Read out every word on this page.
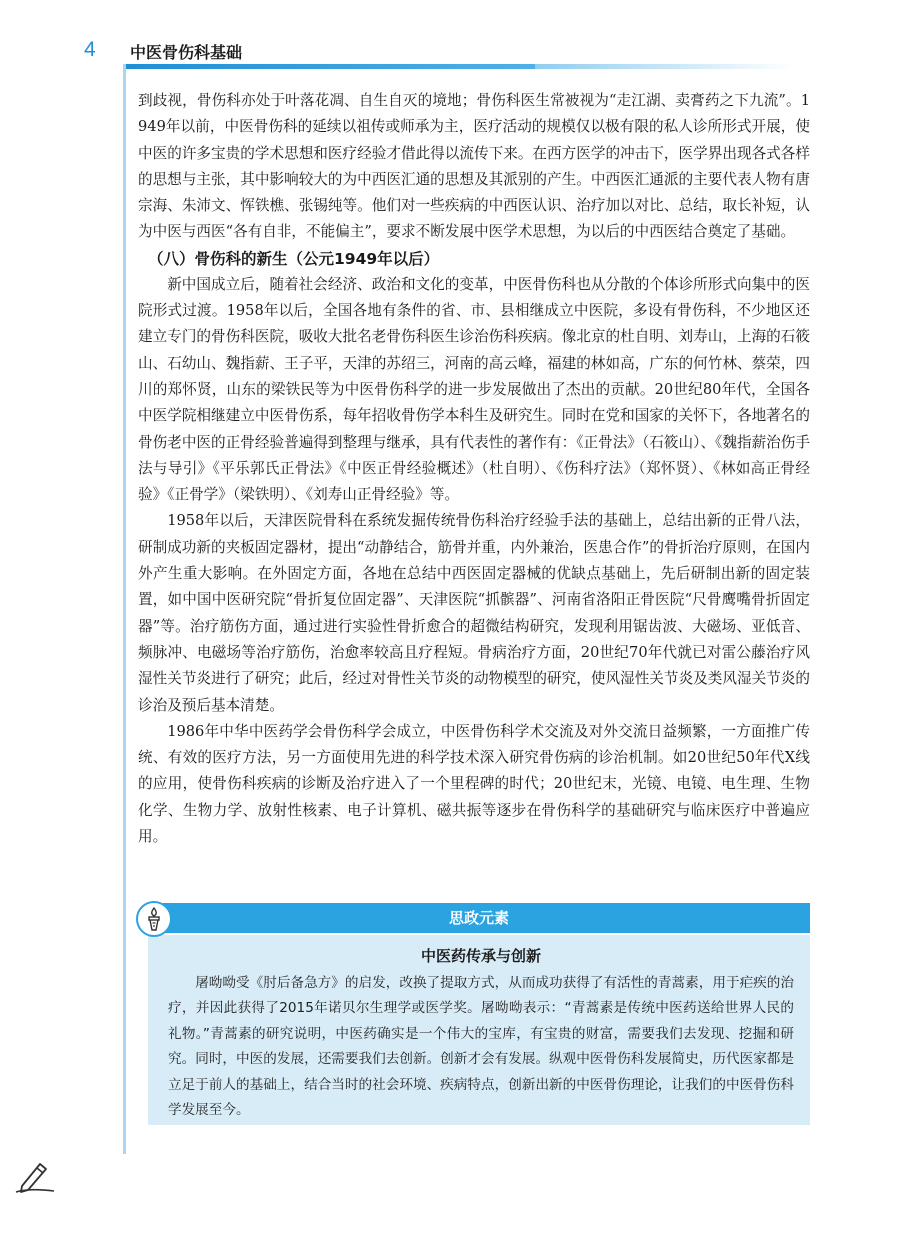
4 中医骨伤科基础

到歧视，骨伤科亦处于叶落花凋、自生自灭的境地；骨伤科医生常被视为“走江湖、卖膏药之下九流”。1949年以前，中医骨伤科的延续以祖传或师承为主，医疗活动的规模仅以极有限的私人诊所形式开展，使中医的许多宝贵的学术思想和医疗经验才借此得以流传下来。在西方医学的冲击下，医学界出现各式各样的思想与主张，其中影响较大的为中西医汇通的思想及其派别的产生。中西医汇通派的主要代表人物有唐宗海、朱沛文、恽铁樵、张锡纯等。他们对一些疾病的中西医认识、治疗加以对比、总结，取长补短，认为中医与西医“各有自非，不能偏主”，要求不断发展中医学术思想，为以后的中西医结合奠定了基础。

（八）骨伤科的新生（公元1949年以后）

新中国成立后，随着社会经济、政治和文化的变革，中医骨伤科也从分散的个体诊所形式向集中的医院形式过渡。1958年以后，全国各地有条件的省、市、县相继成立中医院，多设有骨伤科，不少地区还建立专门的骨伤科医院，吸收大批名老骨伤科医生诊治伤科疾病。像北京的杜自明、刘寿山，上海的石筱山、石幼山、魏指薪、王子平，天津的苏绍三，河南的高云峰，福建的林如高，广东的何竹林、蔡荣，四川的郑怀贤，山东的梁铁民等为中医骨伤科学的进一步发展做出了杰出的贡献。20世纪80年代，全国各中医学院相继建立中医骨伤系，每年招收骨伤学本科生及研究生。同时在党和国家的关怀下，各地著名的骨伤老中医的正骨经验普遍得到整理与继承，具有代表性的著作有：《正骨法》（石筱山）、《魏指薪治伤手法与导引》《平乐郭氏正骨法》《中医正骨经验概述》（杜自明）、《伤科疗法》（郑怀贤）、《林如高正骨经验》《正骨学》（梁铁明）、《刘寿山正骨经验》等。

1958年以后，天津医院骨科在系统发掘传统骨伤科治疗经验手法的基础上，总结出新的正骨八法，研制成功新的夹板固定器材，提出“动静结合，筋骨并重，内外兼治，医患合作”的骨折治疗原则，在国内外产生重大影响。在外固定方面，各地在总结中西医固定器械的优缺点基础上，先后研制出新的固定装置，如中国中医研究院“骨折复位固定器”、天津医院“抓髌器”、河南省洛阳正骨医院“尺骨鹰嘴骨折固定器”等。治疗筋伤方面，通过进行实验性骨折愈合的超微结构研究，发现利用锯齿波、大磁场、亚低音、频脉冲、电磁场等治疗筋伤，治愈率较高且疗程短。骨病治疗方面，20世纪70年代就已对雷公藤治疗风湿性关节炎进行了研究；此后，经过对骨性关节炎的动物模型的研究，使风湿性关节炎及类风湿关节炎的诊治及预后基本清楚。

1986年中华中医药学会骨伤科学会成立，中医骨伤科学术交流及对外交流日益频繁，一方面推广传统、有效的医疗方法，另一方面使用先进的科学技术深入研究骨伤病的诊治机制。如20世纪50年代X线的应用，使骨伤科疾病的诊断及治疗进入了一个里程碑的时代；20世纪末，光镜、电镜、电生理、生物化学、生物力学、放射性核素、电子计算机、磁共振等逐步在骨伤科学的基础研究与临床医疗中普遍应用。

思政元素
中医药传承与创新

屠呦呦受《肘后备急方》的启发，改换了提取方式，从而成功获得了有活性的青蒿素，用于疟疾的治疗，并因此获得了2015年诺贝尔生理学或医学奖。屠呦呦表示：“青蒿素是传统中医药送给世界人民的礼物。”青蒿素的研究说明，中医药确实是一个伟大的宝库，有宝贵的财富，需要我们去发现、挖掘和研究。同时，中医的发展，还需要我们去创新。创新才会有发展。纵观中医骨伤科发展简史，历代医家都是立足于前人的基础上，结合当时的社会环境、疾病特点，创新出新的中医骨伤理论，让我们的中医骨伤科学发展至今。
